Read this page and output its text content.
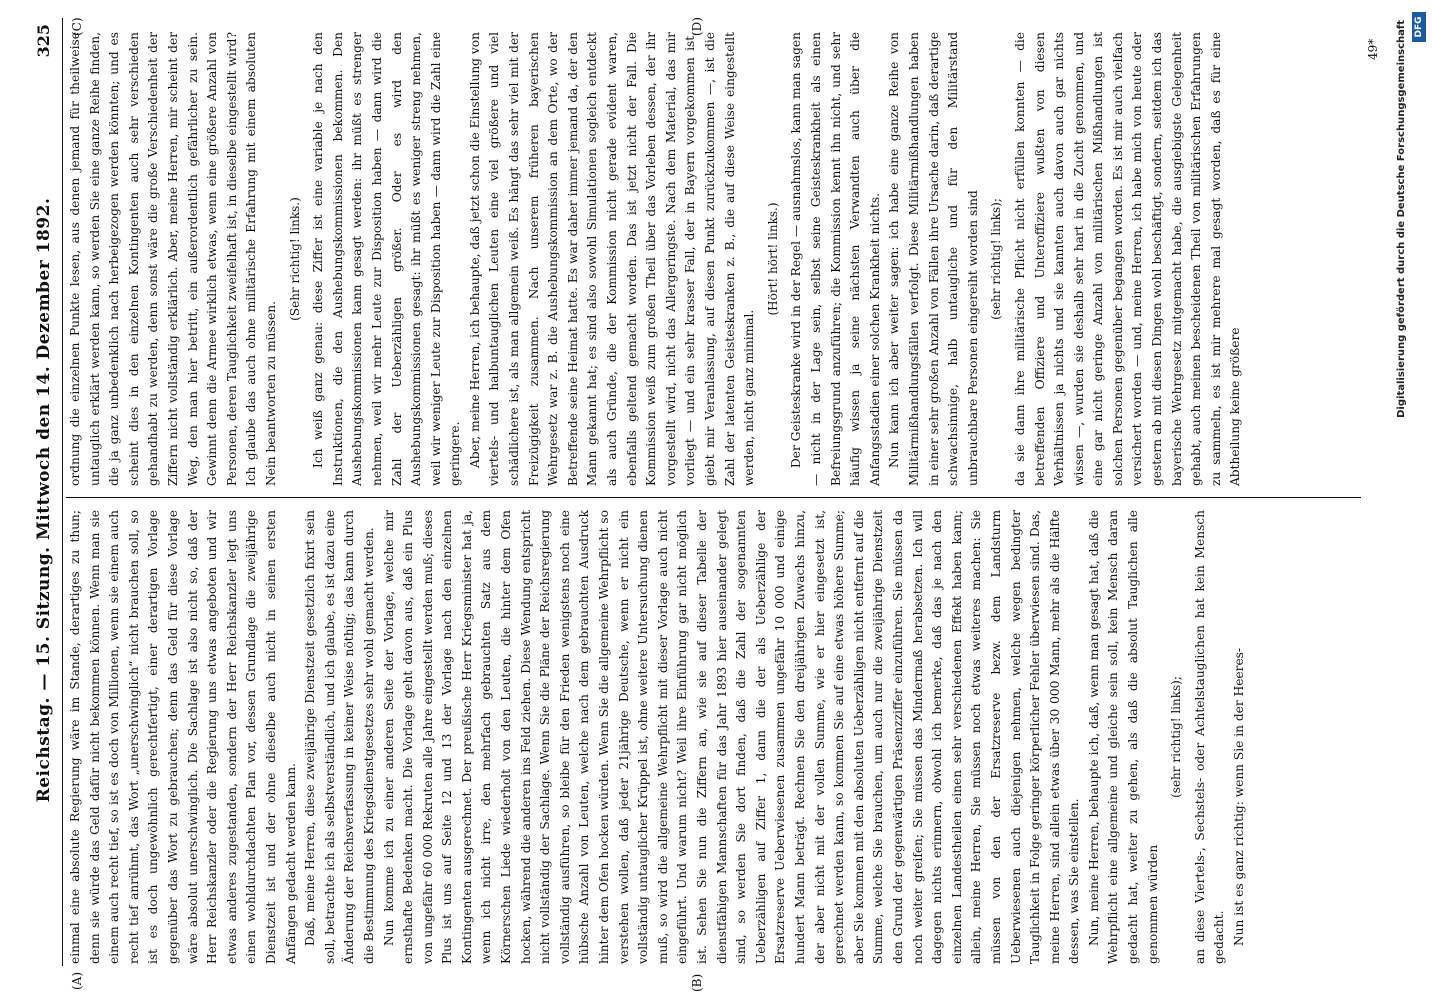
Reichstag. — 15. Sitzung. Mittwoch den 14. Dezember 1892.
325
(A)	(B)
(C)	(D)

einmal eine absolute Regierung wäre im Stande, derartiges zu thun; denn sie würde das Geld dafür nicht bekommen können. Wenn man sie einem auch recht tief, so ist es doch von Millionen, wenn sie einem auch recht tief anrühmt, das Wort „unerschwinglich“ nicht brauchen soll, so ist es doch ungewöhnlich gerechtfertigt, einer derartigen Vorlage gegenüber das Wort zu gebrauchen; denn das Geld für diese Vorlage wäre absolut unerschwinglich. Die Sachlage ist also nicht so, daß der Herr Reichskanzler oder die Regierung uns etwas angeboten und wir etwas anderes zugestanden, sondern der Herr Reichskanzler legt uns einen wohldurchdachten Plan vor, dessen Grundlage die zweijährige Dienstzeit ist und der ohne dieselbe auch nicht in seinen ersten Anfängen gedacht werden kann. Daß, meine Herren, diese zweijährige Dienstzeit gesetzlich fixirt sein soll, betrachte ich als selbstverständlich, und ich glaube, es ist dazu eine Änderung der Reichsverfassung in keiner Weise nöthig; das kann durch die Bestimmung des Kriegsdienstgesetzes sehr wohl gemacht werden. Nun komme ich zu einer anderen Seite der Vorlage, welche mir ernsthafte Bedenken macht. Die Vorlage geht davon aus, daß ein Plus von ungefähr 60 000 Rekruten alle Jahre eingestellt werden muß; dieses Plus ist uns auf Seite 12 und 13 der Vorlage nach den einzelnen Kontingenten ausgerechnet. Der preußische Herr Kriegsminister hat ja, wenn ich nicht irre, den mehrfach gebrauchten Satz aus dem Körnerschen Liede wiederholt von den Leuten, die hinter dem Ofen hocken, während die anderen ins Feld ziehen. Diese Wendung entspricht nicht vollständig der Sachlage. Wenn Sie die Pläne der Reichsregierung vollständig ausführen, so bleibe für den Frieden wenigstens noch eine hübsche Anzahl von Leuten, welche nach dem gebrauchten Ausdruck hinter dem Ofen hocken würden. Wenn Sie die allgemeine Wehrpflicht so verstehen wollen, daß jeder 21jährige Deutsche, wenn er nicht ein vollständig untauglicher Krüppel ist, ohne weitere Untersuchung dienen muß, so wird die allgemeine Wehrpflicht mit dieser Vorlage auch nicht eingeführt. Und warum nicht? Weil ihre Einführung gar nicht möglich ist. Sehen Sie nun die Ziffern an, wie sie auf dieser Tabelle der dienstfähigen Mannschaften für das Jahr 1893 hier auseinander gelegt sind, so werden Sie dort finden, daß die Zahl der sogenannten Ueberzähligen auf Ziffer 1, dann die der als Ueberzählige der Ersatzreserve Ueberwiesenen zusammen ungefähr 10 000 und einige hundert Mann beträgt. Rechnen Sie den dreijährigen Zuwachs hinzu, der aber nicht mit der vollen Summe, wie er hier eingesetzt ist, gerechnet werden kann, so kommen Sie auf eine etwas höhere Summe; aber Sie kommen mit den absoluten Ueberzähligen nicht entfernt auf die Summe, welche Sie brauchen, um auch nur die zweijährige Dienstzeit den Grund der gegenwärtigen Präsenzziffer einzuführen. Sie müssen da noch weiter greifen; Sie müssen das Mindermaß herabsetzen. Ich will dagegen nichts erinnern, obwohl ich bemerke, daß das je nach den einzelnen Landestheilen einen sehr verschiedenen Effekt haben kann; allein, meine Herren, Sie müssen noch etwas weiteres machen: Sie müssen von den der Ersatzreserve bezw. dem Landsturm Ueberwiesenen auch diejenigen nehmen, welche wegen bedingter Tauglichkeit in Folge geringer körperlicher Fehler überwiesen sind. Das, meine Herren, sind allein etwas über 30 000 Mann, mehr als die Hälfte dessen, was Sie einstellen. Nun, meine Herren, behaupte ich, daß, wenn man gesagt hat, daß die Wehrpflicht eine allgemeine und gleiche sein soll, kein Mensch daran gedacht hat, weiter zu gehen, als daß die absolut Tauglichen alle genommen würden

(sehr richtig! links); an diese Viertels-, Sechstels- oder Achtelstauglichen hat kein Mensch gedacht. Nun ist es ganz richtig: wenn Sie in der Heeres-

ordnung die einzelnen Punkte lesen, aus denen jemand für theilweise untauglich erklärt werden kann, so werden Sie eine ganze Reihe finden, die ja ganz unbedenklich nach herbeigezogen werden könnten; und es scheint dies in den einzelnen Kontingenten auch sehr verschieden gehandhabt zu werden, denn sonst wäre die große Verschiedenheit der Ziffern nicht vollständig erklärlich. Aber, meine Herren, mir scheint der Weg, den man hier betritt, ein außerordentlich gefährlicher zu sein. Gewinnt denn die Armee wirklich etwas, wenn eine größere Anzahl von Personen, deren Tauglichkeit zweifelhaft ist, in dieselbe eingestellt wird? Ich glaube das auch ohne militärische Erfahrung mit einem absoluten Nein beantworten zu müssen.

(Sehr richtig! links.) Ich weiß ganz genau: diese Ziffer ist eine variable je nach den Instruktionen, die den Aushebungskommissionen bekommen. Den Aushebungskommissionen kann gesagt werden: ihr müßt es strenger nehmen, weil wir mehr Leute zur Disposition haben — dann wird die Zahl der Ueberzähligen größer. Oder es wird den Aushebungskommissionen gesagt: ihr müßt es weniger streng nehmen, weil wir weniger Leute zur Disposition haben — dann wird die Zahl eine geringere. Aber, meine Herren, ich behaupte, daß jetzt schon die Einstellung von viertels- und halbuntauglichen Leuten eine viel größere und viel schädlichere ist, als man allgemein weiß. Es hängt das sehr viel mit der Freizügigkeit zusammen. Nach unserem früheren bayerischen Wehrgesetz war z. B. die Aushebungskommission an dem Orte, wo der Betreffende seine Heimat hatte. Es war daher immer jemand da, der den Mann gekannt hat; es sind also sowohl Simulationen sogleich entdeckt als auch Gründe, die der Kommission nicht gerade evident waren, ebenfalls geltend gemacht worden. Das ist jetzt nicht der Fall. Die Kommission weiß zum großen Theil über das Vorleben dessen, der ihr vorgestellt wird, nicht das Allergeringste. Nach dem Material, das mir vorliegt — und ein sehr krasser Fall, der in Bayern vorgekommen ist, giebt mir Veranlassung, auf diesen Punkt zurückzukommen —, ist die Zahl der latenten Geisteskranken z. B., die auf diese Weise eingestellt werden, nicht ganz minimal.

(Hört! hört! links.) Der Geisteskranke wird in der Regel — ausnahmslos, kann man sagen — nicht in der Lage sein, selbst seine Geisteskrankheit als einen Befreiungsgrund anzuführen; die Kommission kennt ihn nicht, und sehr häufig wissen ja seine nächsten Verwandten auch über die Anfangsstadien einer solchen Krankheit nichts. Nun kann ich aber weiter sagen: ich habe eine ganze Reihe von Militärmißhandlungsfällen verfolgt. Diese Militärmißhandlungen haben in einer sehr großen Anzahl von Fällen ihre Ursache darin, daß derartige schwachsinnige, halb untaugliche und für den Militärstand unbrauchbare Personen eingereiht worden sind (sehr richtig! links); da sie dann ihre militärische Pflicht nicht erfüllen konnten — die betreffenden Offiziere und Unteroffiziere wußten von diesen Verhältnissen ja nichts und sie kannten auch davon auch gar nichts wissen —, wurden sie deshalb sehr hart in die Zucht genommen, und eine gar nicht geringe Anzahl von militärischen Mißhandlungen ist solchen Personen gegenüber begangen worden. Es ist mir auch vielfach versichert worden — und, meine Herren, ich habe mich von heute oder gestern ab mit diesen Dingen wohl beschäftigt, sondern, seitdem ich das bayerische Wehrgesetz mitgemacht habe, die ausgiebigste Gelegenheit gehabt, auch meinen bescheidenen Theil von militärischen Erfahrungen zu sammeln, es ist mir mehrere mal gesagt worden, daß es für eine Abtheilung keine größere

49* Digitalisierung gefördert durch die Deutsche Forschungsgemeinschaft DFG
